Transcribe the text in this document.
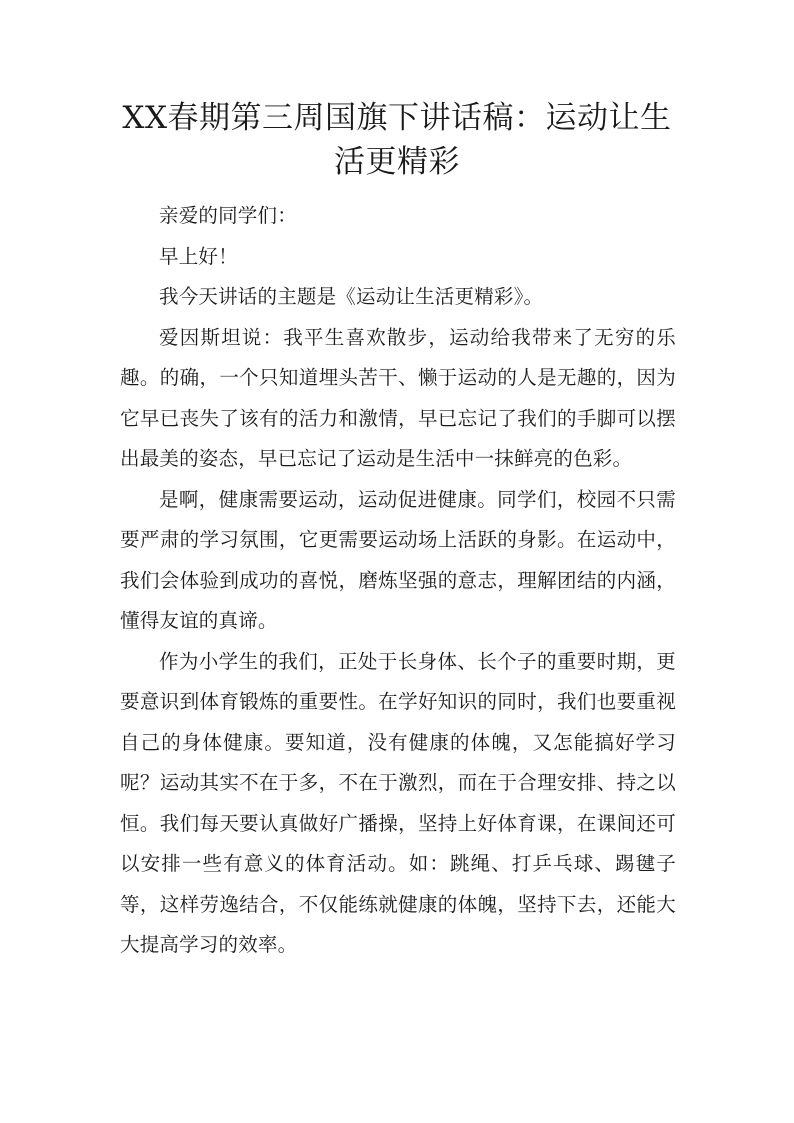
XX春期第三周国旗下讲话稿：运动让生活更精彩

亲爱的同学们：

早上好！

我今天讲话的主题是《运动让生活更精彩》。

爱因斯坦说：我平生喜欢散步，运动给我带来了无穷的乐趣。的确，一个只知道埋头苦干、懒于运动的人是无趣的，因为它早已丧失了该有的活力和激情，早已忘记了我们的手脚可以摆出最美的姿态，早已忘记了运动是生活中一抹鲜亮的色彩。

是啊，健康需要运动，运动促进健康。同学们，校园不只需要严肃的学习氛围，它更需要运动场上活跃的身影。在运动中，我们会体验到成功的喜悦，磨炼坚强的意志，理解团结的内涵，懂得友谊的真谛。

作为小学生的我们，正处于长身体、长个子的重要时期，更要意识到体育锻炼的重要性。在学好知识的同时，我们也要重视自己的身体健康。要知道，没有健康的体魄，又怎能搞好学习呢？运动其实不在于多，不在于激烈，而在于合理安排、持之以恒。我们每天要认真做好广播操，坚持上好体育课，在课间还可以安排一些有意义的体育活动。如：跳绳、打乒乓球、踢毽子等，这样劳逸结合，不仅能练就健康的体魄，坚持下去，还能大大提高学习的效率。
